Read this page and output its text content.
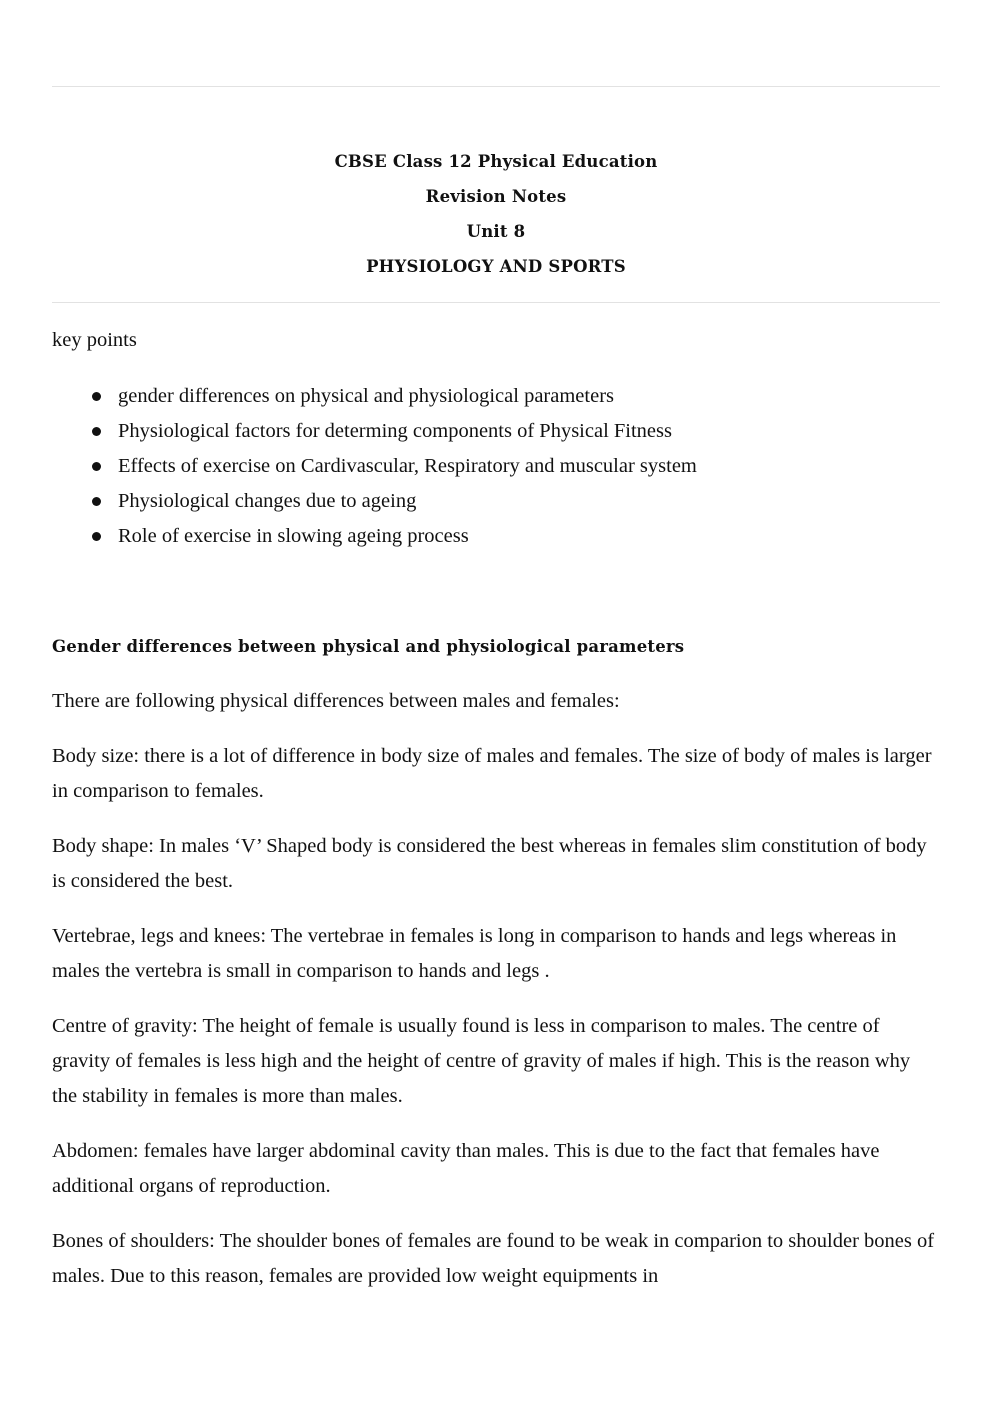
CBSE Class 12 Physical Education
Revision Notes
Unit 8
PHYSIOLOGY AND SPORTS
key points
gender differences on physical and physiological parameters
Physiological factors for determing components of Physical Fitness
Effects of exercise on Cardivascular, Respiratory and muscular system
Physiological changes due to ageing
Role of exercise in slowing ageing process
Gender differences between physical and physiological parameters

There are following physical differences between males and females:

Body size: there is a lot of difference in body size of males and females. The size of body of males is larger in comparison to females.

Body shape: In males ‘V’ Shaped body is considered the best whereas in females slim constitution of body is considered the best.

Vertebrae, legs and knees: The vertebrae in females is long in comparison to hands and legs whereas in males the vertebra is small in comparison to hands and legs .

Centre of gravity: The height of female is usually found is less in comparison to males. The centre of gravity of females is less high and the height of centre of gravity of males if high. This is the reason why the stability in females is more than males.

Abdomen: females have larger abdominal cavity than males. This is due to the fact that females have additional organs of reproduction.

Bones of shoulders: The shoulder bones of females are found to be weak in comparion to shoulder bones of males. Due to this reason, females are provided low weight equipments in
